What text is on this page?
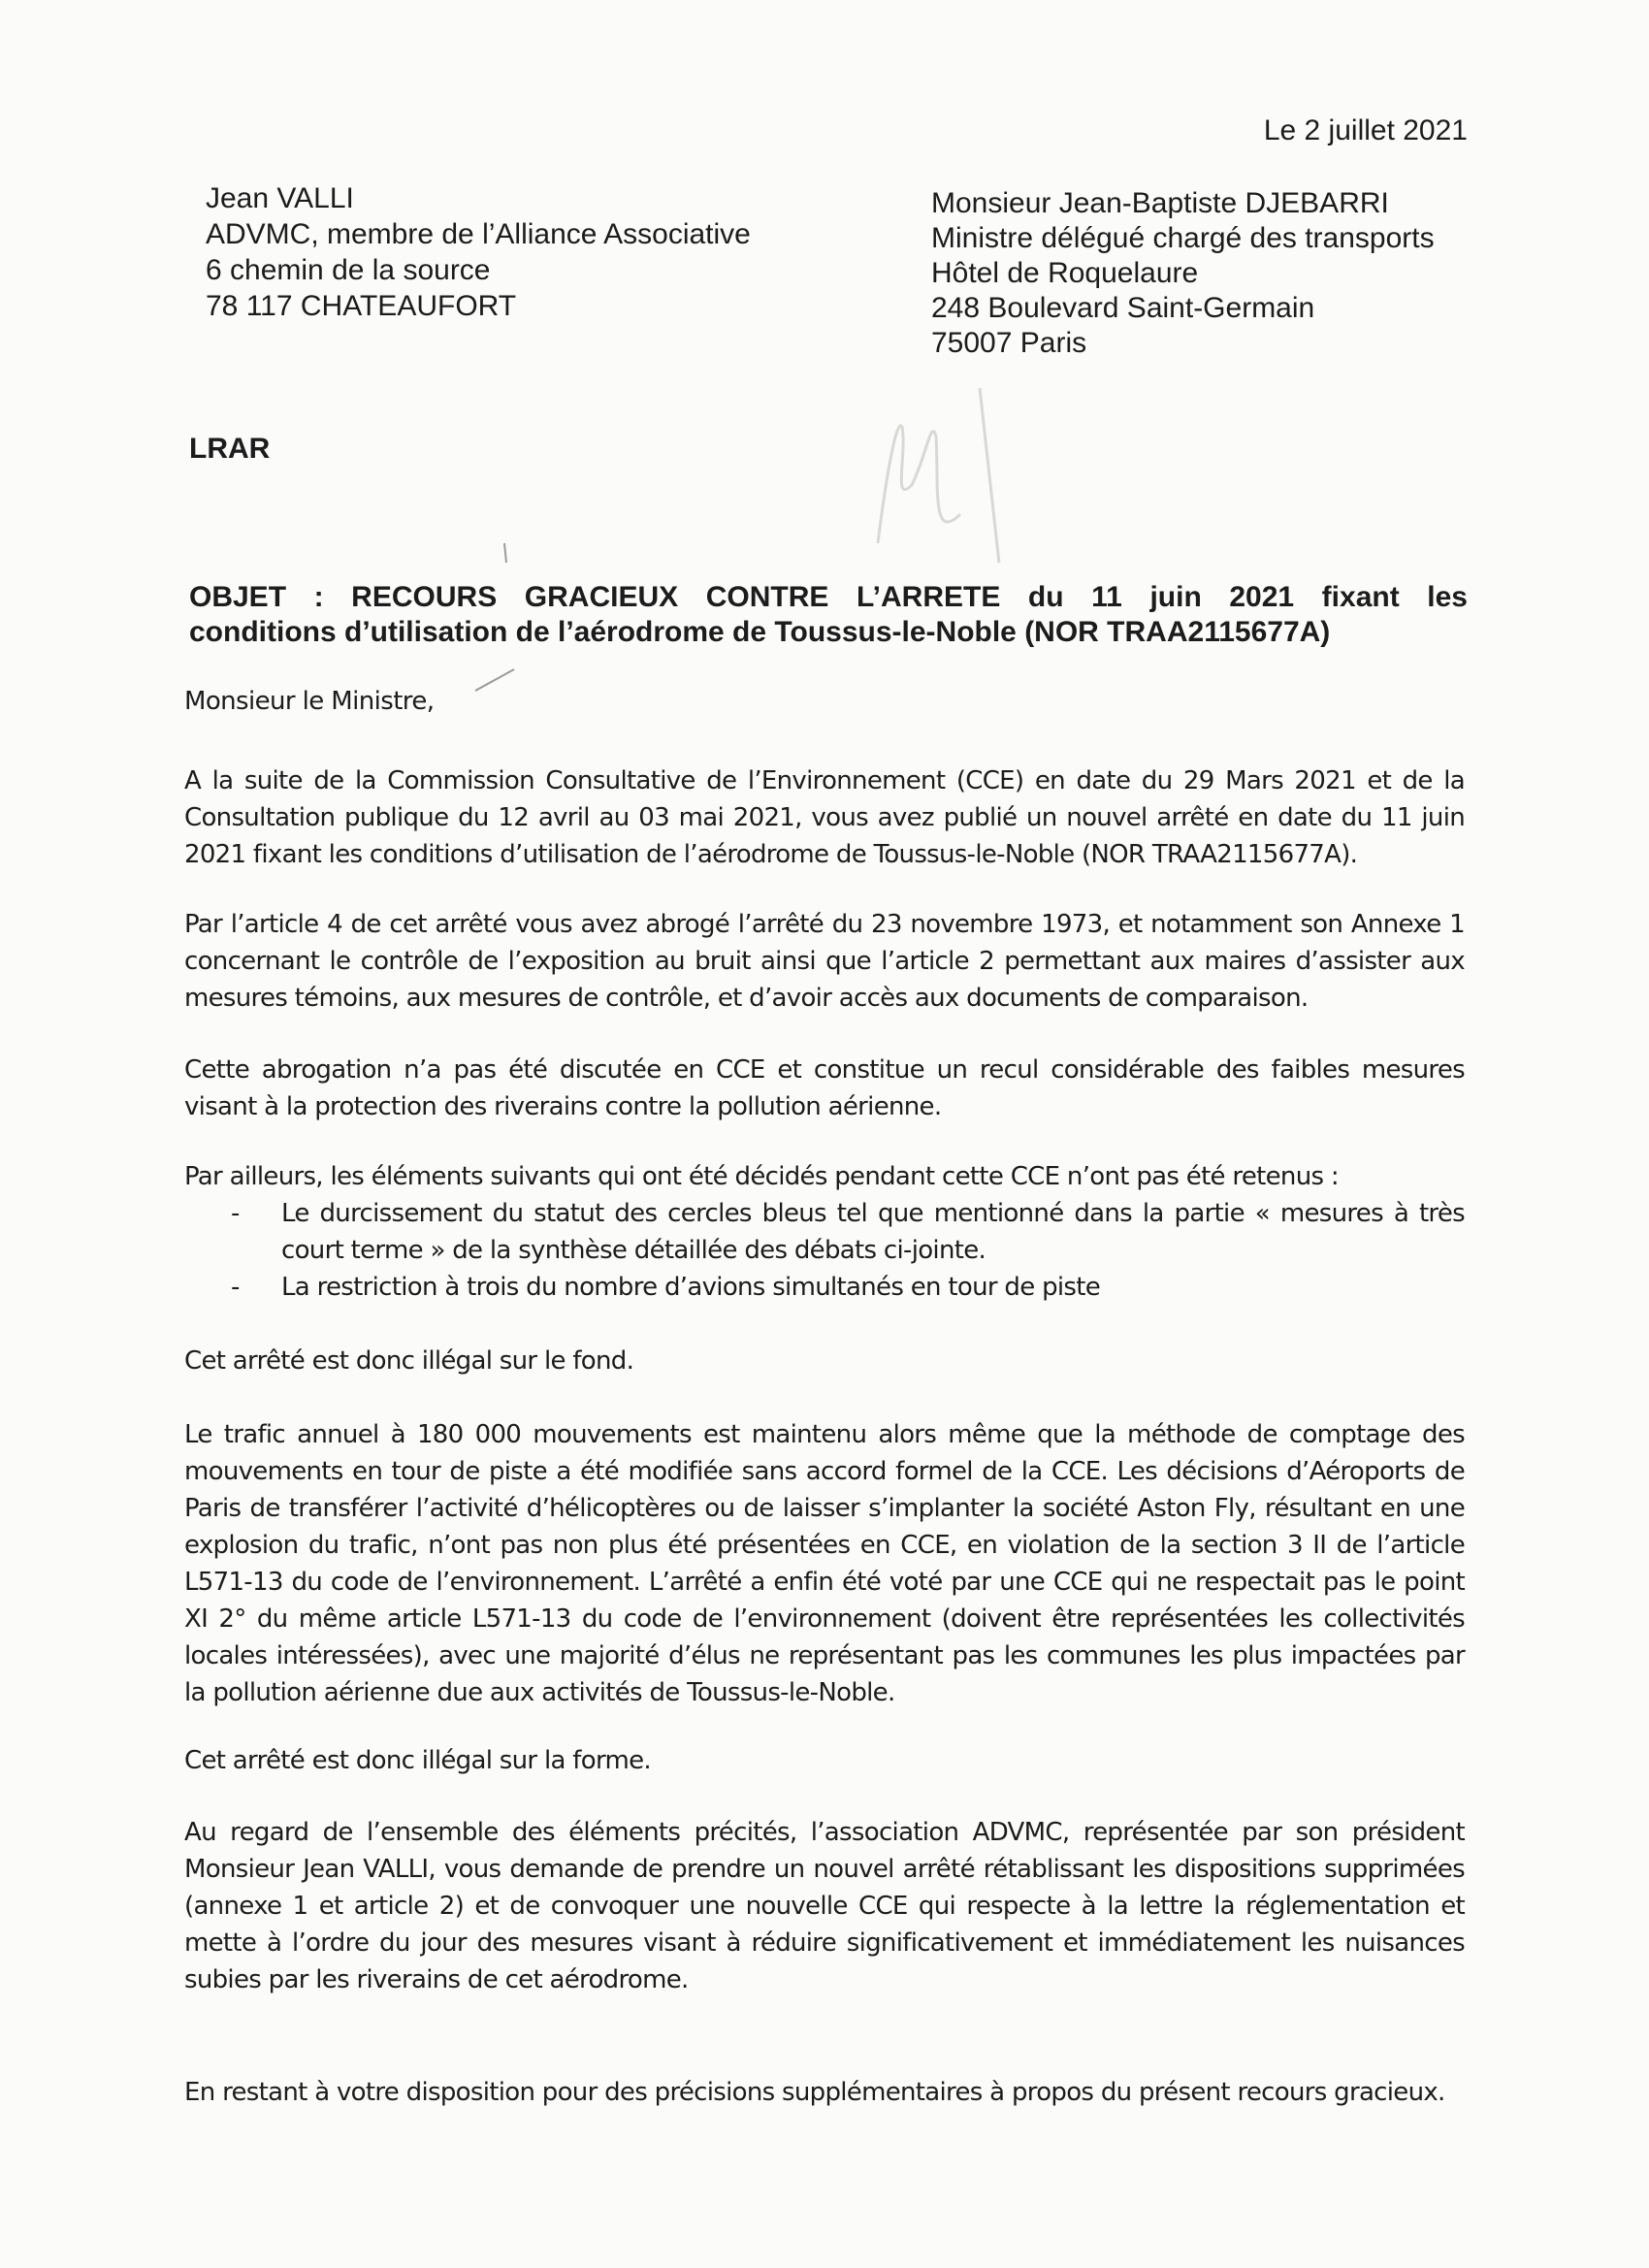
Le 2 juillet 2021
Jean VALLI
ADVMC, membre de l’Alliance Associative
6 chemin de la source
78 117 CHATEAUFORT
Monsieur Jean-Baptiste DJEBARRI
Ministre délégué chargé des transports
Hôtel de Roquelaure
248 Boulevard Saint-Germain
75007 Paris
LRAR
OBJET : RECOURS GRACIEUX CONTRE L’ARRETE du 11 juin 2021 fixant les
conditions d’utilisation de l’aérodrome de Toussus-le-Noble (NOR TRAA2115677A)
Monsieur le Ministre,

A la suite de la Commission Consultative de l’Environnement (CCE) en date du 29 Mars 2021 et de la Consultation publique du 12 avril au 03 mai 2021, vous avez publié un nouvel arrêté en date du 11 juin 2021 fixant les conditions d’utilisation de l’aérodrome de Toussus-le-Noble (NOR TRAA2115677A).

Par l’article 4 de cet arrêté vous avez abrogé l’arrêté du 23 novembre 1973, et notamment son Annexe 1 concernant le contrôle de l’exposition au bruit ainsi que l’article 2 permettant aux maires d’assister aux mesures témoins, aux mesures de contrôle, et d’avoir accès aux documents de comparaison.

Cette abrogation n’a pas été discutée en CCE et constitue un recul considérable des faibles mesures visant à la protection des riverains contre la pollution aérienne.

Par ailleurs, les éléments suivants qui ont été décidés pendant cette CCE n’ont pas été retenus :

- Le durcissement du statut des cercles bleus tel que mentionné dans la partie « mesures à très court terme » de la synthèse détaillée des débats ci-jointe.
- La restriction à trois du nombre d’avions simultanés en tour de piste

Cet arrêté est donc illégal sur le fond.

Le trafic annuel à 180 000 mouvements est maintenu alors même que la méthode de comptage des mouvements en tour de piste a été modifiée sans accord formel de la CCE. Les décisions d’Aéroports de Paris de transférer l’activité d’hélicoptères ou de laisser s’implanter la société Aston Fly, résultant en une explosion du trafic, n’ont pas non plus été présentées en CCE, en violation de la section 3 II de l’article L571-13 du code de l’environnement. L’arrêté a enfin été voté par une CCE qui ne respectait pas le point XI 2° du même article L571-13 du code de l’environnement (doivent être représentées les collectivités locales intéressées), avec une majorité d’élus ne représentant pas les communes les plus impactées par la pollution aérienne due aux activités de Toussus-le-Noble.

Cet arrêté est donc illégal sur la forme.

Au regard de l’ensemble des éléments précités, l’association ADVMC, représentée par son président Monsieur Jean VALLI, vous demande de prendre un nouvel arrêté rétablissant les dispositions supprimées (annexe 1 et article 2) et de convoquer une nouvelle CCE qui respecte à la lettre la réglementation et mette à l’ordre du jour des mesures visant à réduire significativement et immédiatement les nuisances subies par les riverains de cet aérodrome.

En restant à votre disposition pour des précisions supplémentaires à propos du présent recours gracieux.
